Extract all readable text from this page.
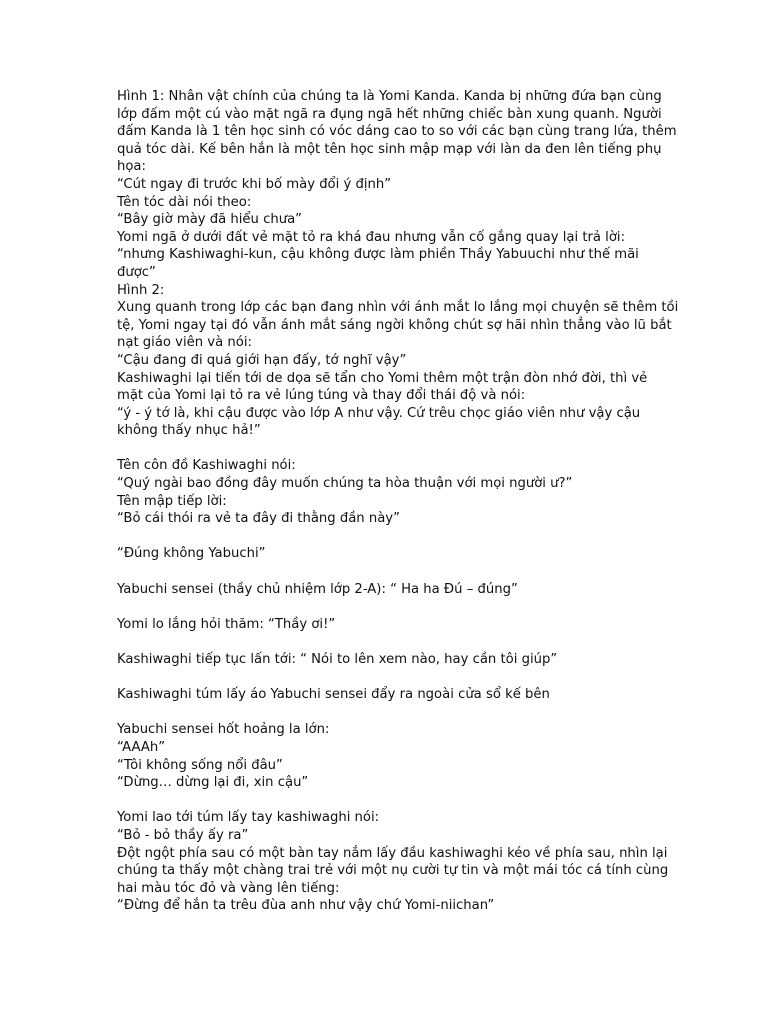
Hình 1: Nhân vật chính của chúng ta là Yomi Kanda. Kanda bị những đứa bạn cùng
lớp đấm một cú vào mặt ngã ra đụng ngã hết những chiếc bàn xung quanh. Người
đấm Kanda là 1 tên học sinh có vóc dáng cao to so với các bạn cùng trang lứa, thêm
quả tóc dài. Kế bên hắn là một tên học sinh mập mạp với làn da đen lên tiếng phụ
họa:
“Cút ngay đi trước khi bố mày đổi ý định”
Tên tóc dài nói theo:
“Bây giờ mày đã hiểu chưa”
Yomi ngã ở dưới đất vẻ mặt tỏ ra khá đau nhưng vẫn cố gắng quay lại trả lời:
“nhưng Kashiwaghi-kun, cậu không được làm phiền Thầy Yabuuchi như thế mãi
được”
Hình 2:
Xung quanh trong lớp các bạn đang nhìn với ánh mắt lo lắng mọi chuyện sẽ thêm tồi
tệ, Yomi ngay tại đó vẫn ánh mắt sáng ngời không chút sợ hãi nhìn thẳng vào lũ bắt
nạt giáo viên và nói:
“Cậu đang đi quá giới hạn đấy, tớ nghĩ vậy”
Kashiwaghi lại tiến tới de dọa sẽ tẩn cho Yomi thêm một trận đòn nhớ đời, thì vẻ
mặt của Yomi lại tỏ ra vẻ lúng túng và thay đổi thái độ và nói:
“ý - ý tớ là, khi cậu được vào lớp A như vậy. Cứ trêu chọc giáo viên như vậy cậu
không thấy nhục hả!”
Tên côn đồ Kashiwaghi nói:
“Quý ngài bao đồng đây muốn chúng ta hòa thuận với mọi người ư?”
Tên mập tiếp lời:
“Bỏ cái thói ra vẻ ta đây đi thằng đần này”
“Đúng không Yabuchi”
Yabuchi sensei (thầy chủ nhiệm lớp 2-A): “ Ha ha Đú – đúng”
Yomi lo lắng hỏi thăm: “Thầy ơi!”
Kashiwaghi tiếp tục lấn tới: “ Nói to lên xem nào, hay cần tôi giúp”
Kashiwaghi túm lấy áo Yabuchi sensei đẩy ra ngoài cửa sổ kế bên
Yabuchi sensei hốt hoảng la lớn:
“AAAh”
“Tôi không sống nổi đâu”
“Dừng… dừng lại đi, xin cậu”
Yomi lao tới túm lấy tay kashiwaghi nói:
“Bỏ - bỏ thầy ấy ra”
Đột ngột phía sau có một bàn tay nắm lấy đầu kashiwaghi kéo về phía sau, nhìn lại
chúng ta thấy một chàng trai trẻ với một nụ cười tự tin và một mái tóc cá tính cùng
hai màu tóc đỏ và vàng lên tiếng:
“Đừng để hắn ta trêu đùa anh như vậy chứ Yomi-niichan”
